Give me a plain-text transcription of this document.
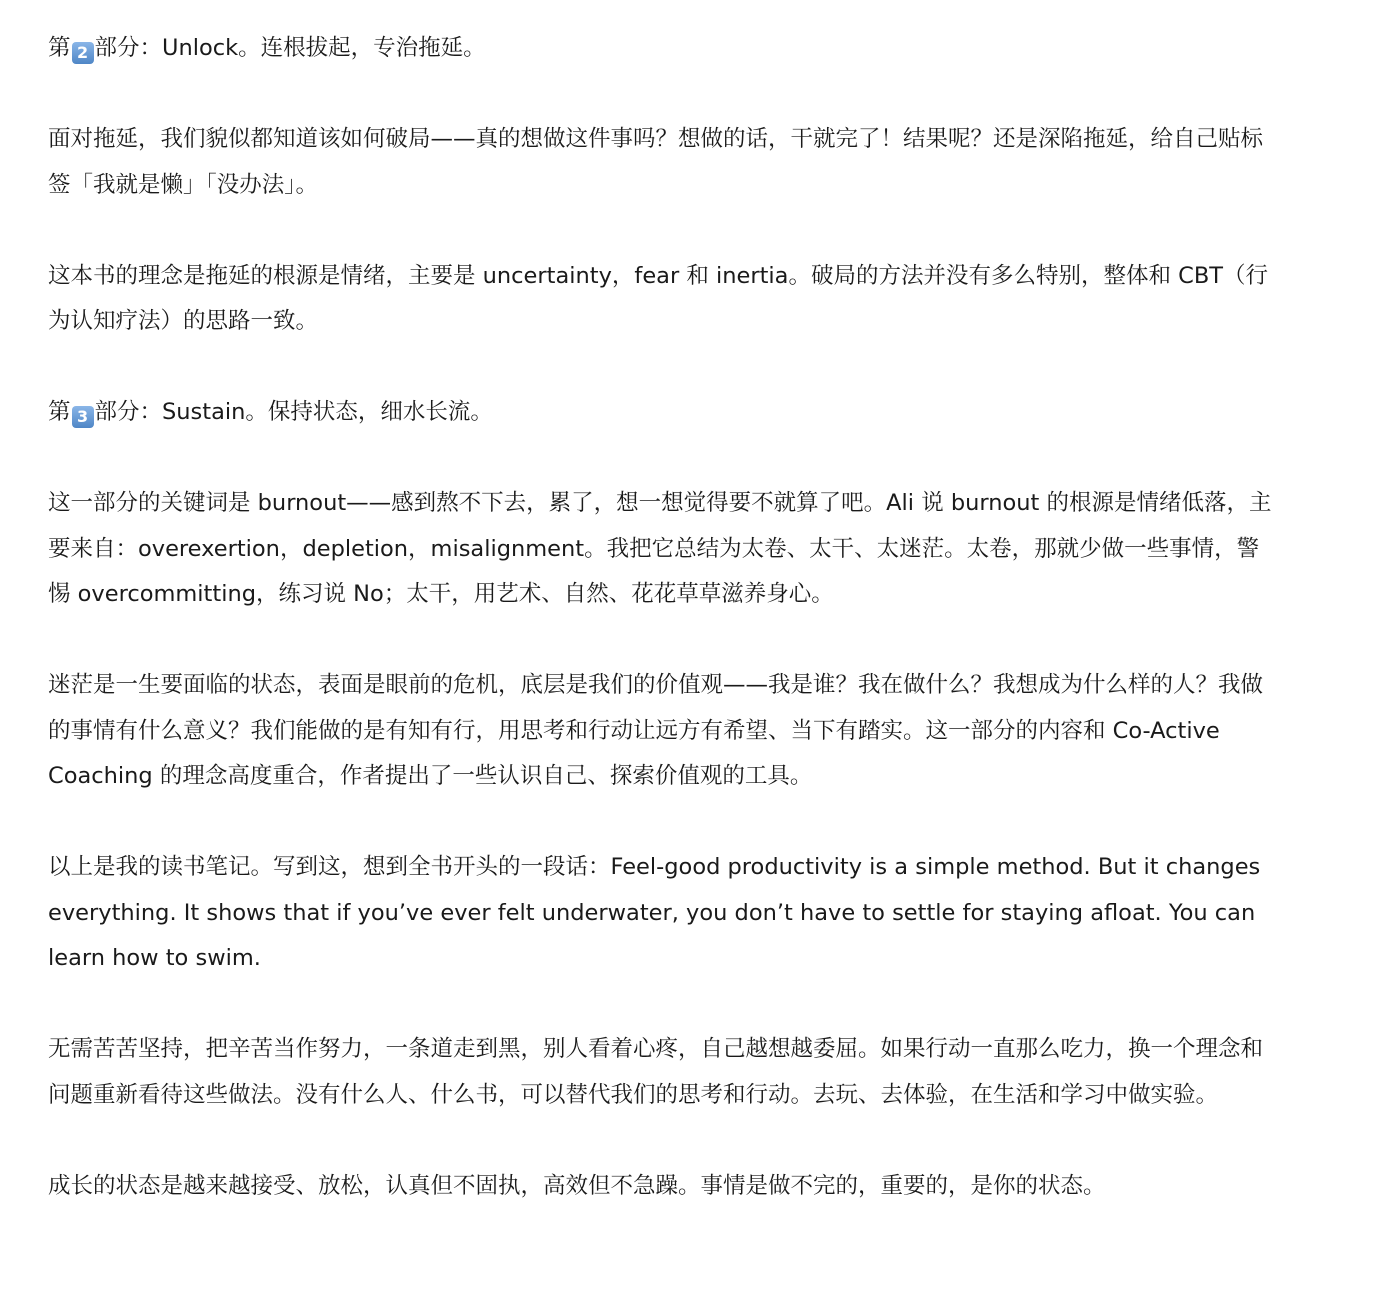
第 2 部分：Unlock。连根拔起，专治拖延。

面对拖延，我们貌似都知道该如何破局——真的想做这件事吗？想做的话，干就完了！结果呢？还是深陷拖延，给自己贴标签「我就是懒」「没办法」。

这本书的理念是拖延的根源是情绪，主要是 uncertainty，fear 和 inertia。破局的方法并没有多么特别，整体和 CBT（行为认知疗法）的思路一致。

第 3 部分：Sustain。保持状态，细水长流。

这一部分的关键词是 burnout——感到熬不下去，累了，想一想觉得要不就算了吧。Ali 说 burnout 的根源是情绪低落，主要来自：overexertion，depletion，misalignment。我把它总结为太卷、太干、太迷茫。太卷，那就少做一些事情，警惕 overcommitting，练习说 No；太干，用艺术、自然、花花草草滋养身心。

迷茫是一生要面临的状态，表面是眼前的危机，底层是我们的价值观——我是谁？我在做什么？我想成为什么样的人？我做的事情有什么意义？我们能做的是有知有行，用思考和行动让远方有希望、当下有踏实。这一部分的内容和 Co-Active Coaching 的理念高度重合，作者提出了一些认识自己、探索价值观的工具。

以上是我的读书笔记。写到这，想到全书开头的一段话：Feel-good productivity is a simple method. But it changes everything. It shows that if you’ve ever felt underwater, you don’t have to settle for staying afloat. You can learn how to swim.

无需苦苦坚持，把辛苦当作努力，一条道走到黑，别人看着心疼，自己越想越委屈。如果行动一直那么吃力，换一个理念和问题重新看待这些做法。没有什么人、什么书，可以替代我们的思考和行动。去玩、去体验，在生活和学习中做实验。

成长的状态是越来越接受、放松，认真但不固执，高效但不急躁。事情是做不完的，重要的，是你的状态。
